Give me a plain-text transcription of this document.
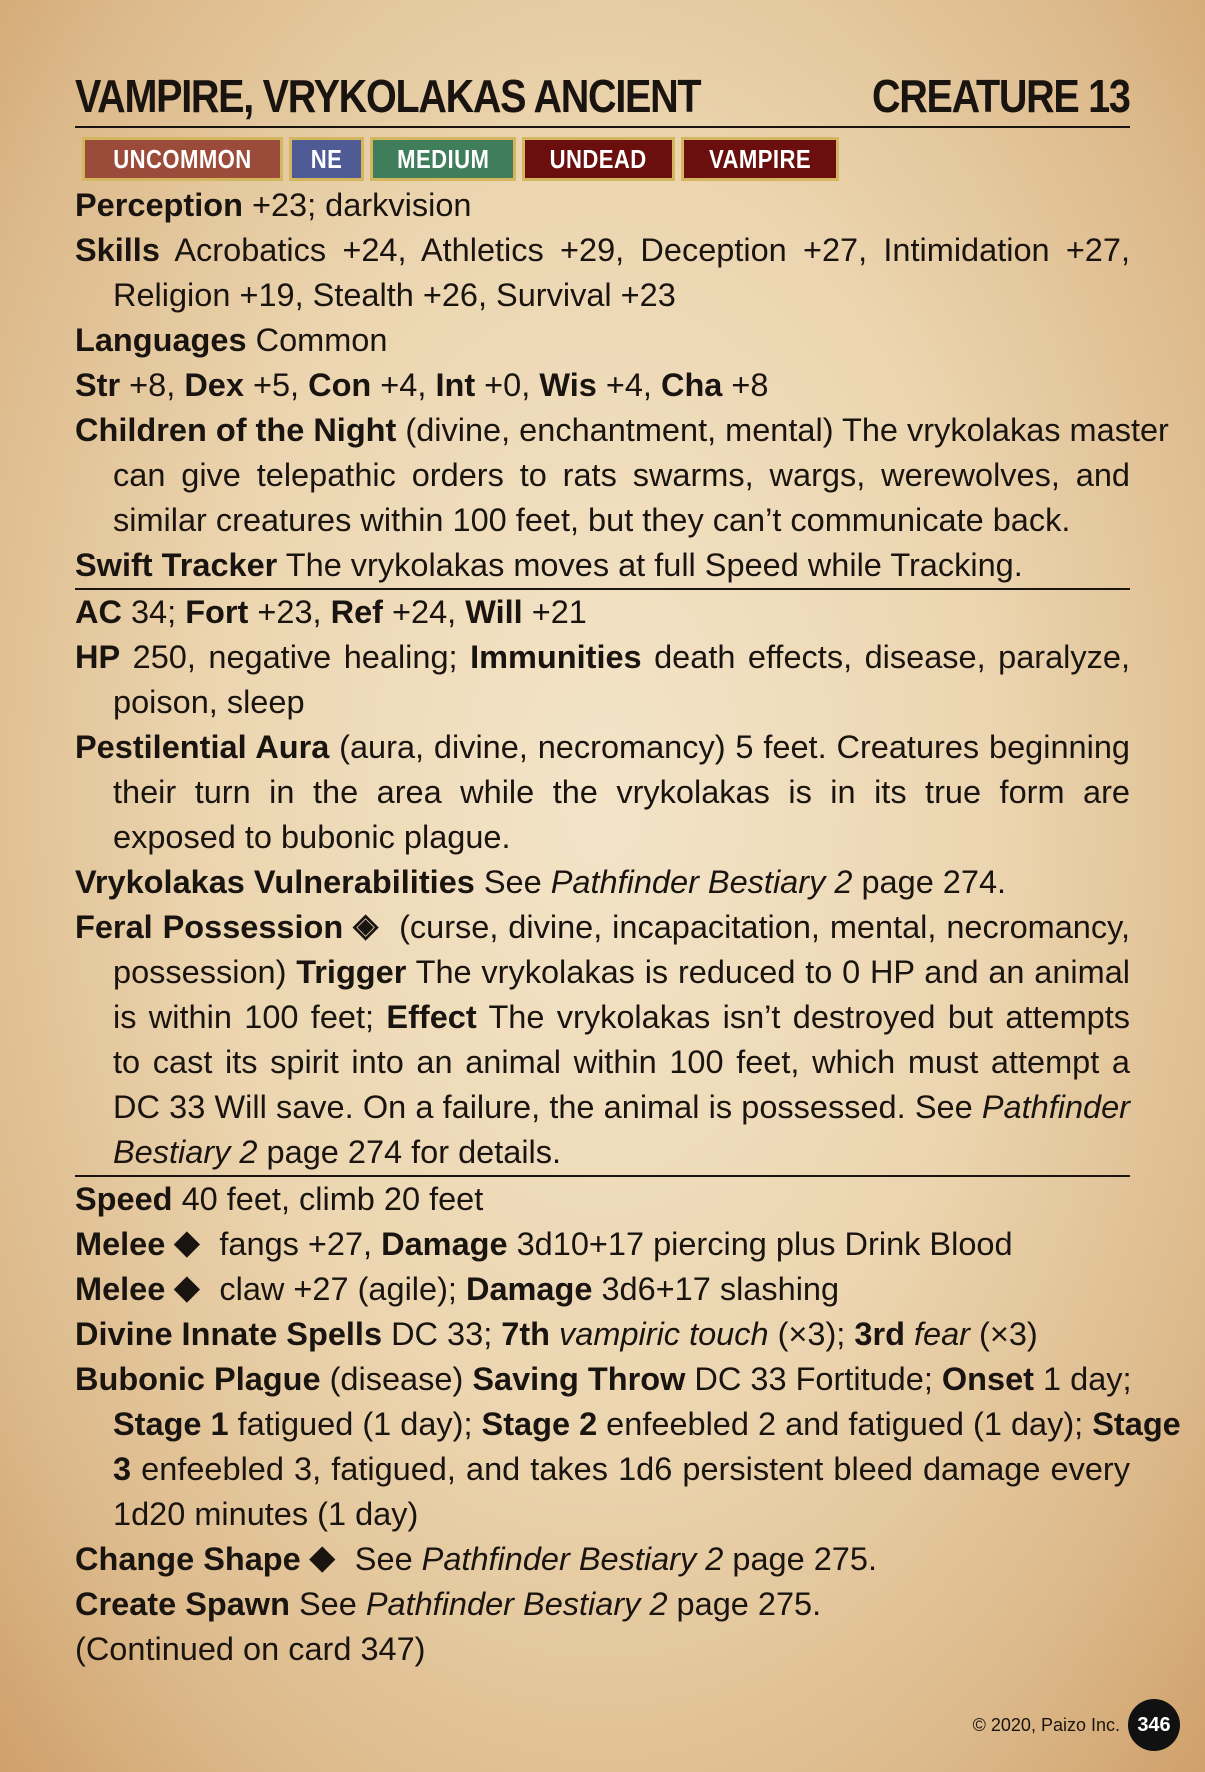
VAMPIRE, VRYKOLAKAS ANCIENT	CREATURE 13
UNCOMMON NE MEDIUM UNDEAD VAMPIRE
Perception +23; darkvision
Skills Acrobatics +24, Athletics +29, Deception +27, Intimidation +27,
Religion +19, Stealth +26, Survival +23
Languages Common
Str +8, Dex +5, Con +4, Int +0, Wis +4, Cha +8
Children of the Night (divine, enchantment, mental) The vrykolakas master
can give telepathic orders to rats swarms, wargs, werewolves, and
similar creatures within 100 feet, but they can’t communicate back.
Swift Tracker The vrykolakas moves at full Speed while Tracking.
AC 34; Fort +23, Ref +24, Will +21
HP 250, negative healing; Immunities death effects, disease, paralyze,
poison, sleep
Pestilential Aura (aura, divine, necromancy) 5 feet. Creatures beginning
their turn in the area while the vrykolakas is in its true form are
exposed to bubonic plague.
Vrykolakas Vulnerabilities See Pathfinder Bestiary 2 page 274.
Feral Possession ◈ (curse, divine, incapacitation, mental, necromancy,
possession) Trigger The vrykolakas is reduced to 0 HP and an animal
is within 100 feet; Effect The vrykolakas isn’t destroyed but attempts
to cast its spirit into an animal within 100 feet, which must attempt a
DC 33 Will save. On a failure, the animal is possessed. See Pathfinder
Bestiary 2 page 274 for details.
Speed 40 feet, climb 20 feet
Melee ◆ fangs +27, Damage 3d10+17 piercing plus Drink Blood
Melee ◆ claw +27 (agile); Damage 3d6+17 slashing
Divine Innate Spells DC 33; 7th vampiric touch (×3); 3rd fear (×3)
Bubonic Plague (disease) Saving Throw DC 33 Fortitude; Onset 1 day;
Stage 1 fatigued (1 day); Stage 2 enfeebled 2 and fatigued (1 day); Stage
3 enfeebled 3, fatigued, and takes 1d6 persistent bleed damage every
1d20 minutes (1 day)
Change Shape ◆ See Pathfinder Bestiary 2 page 275.
Create Spawn See Pathfinder Bestiary 2 page 275.
(Continued on card 347)
© 2020, Paizo Inc. 346
